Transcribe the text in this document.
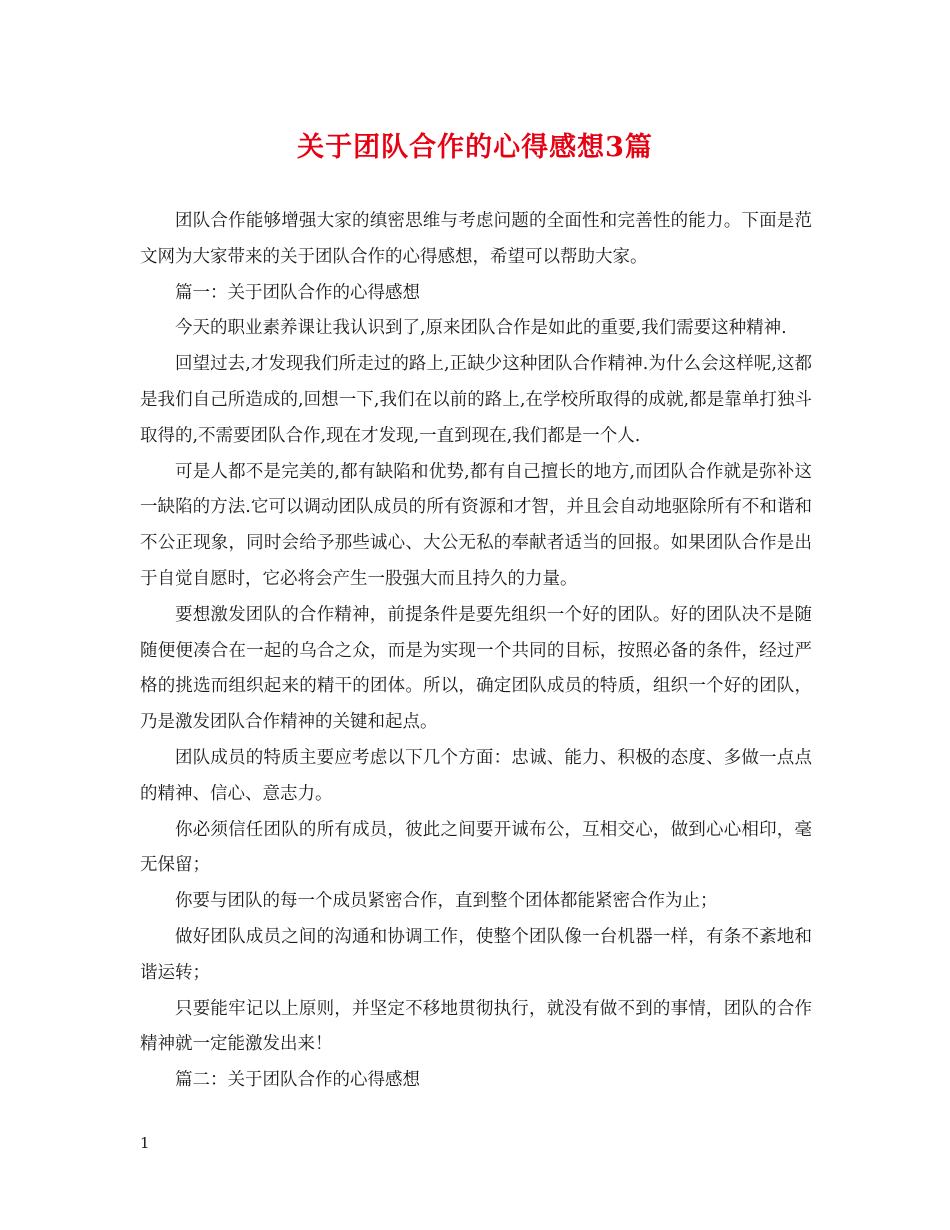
关于团队合作的心得感想3篇

团队合作能够增强大家的缜密思维与考虑问题的全面性和完善性的能力。下面是范文网为大家带来的关于团队合作的心得感想，希望可以帮助大家。

篇一：关于团队合作的心得感想

今天的职业素养课让我认识到了,原来团队合作是如此的重要,我们需要这种精神.

回望过去,才发现我们所走过的路上,正缺少这种团队合作精神.为什么会这样呢,这都是我们自己所造成的,回想一下,我们在以前的路上,在学校所取得的成就,都是靠单打独斗取得的,不需要团队合作,现在才发现,一直到现在,我们都是一个人.

可是人都不是完美的,都有缺陷和优势,都有自己擅长的地方,而团队合作就是弥补这一缺陷的方法.它可以调动团队成员的所有资源和才智，并且会自动地驱除所有不和谐和不公正现象，同时会给予那些诚心、大公无私的奉献者适当的回报。如果团队合作是出于自觉自愿时，它必将会产生一股强大而且持久的力量。

要想激发团队的合作精神，前提条件是要先组织一个好的团队。好的团队决不是随随便便凑合在一起的乌合之众，而是为实现一个共同的目标，按照必备的条件，经过严格的挑选而组织起来的精干的团体。所以，确定团队成员的特质，组织一个好的团队，乃是激发团队合作精神的关键和起点。

团队成员的特质主要应考虑以下几个方面：忠诚、能力、积极的态度、多做一点点的精神、信心、意志力。

你必须信任团队的所有成员，彼此之间要开诚布公，互相交心，做到心心相印，毫无保留；

你要与团队的每一个成员紧密合作，直到整个团体都能紧密合作为止；

做好团队成员之间的沟通和协调工作，使整个团队像一台机器一样，有条不紊地和谐运转；

只要能牢记以上原则，并坚定不移地贯彻执行，就没有做不到的事情，团队的合作精神就一定能激发出来！

篇二：关于团队合作的心得感想

1
